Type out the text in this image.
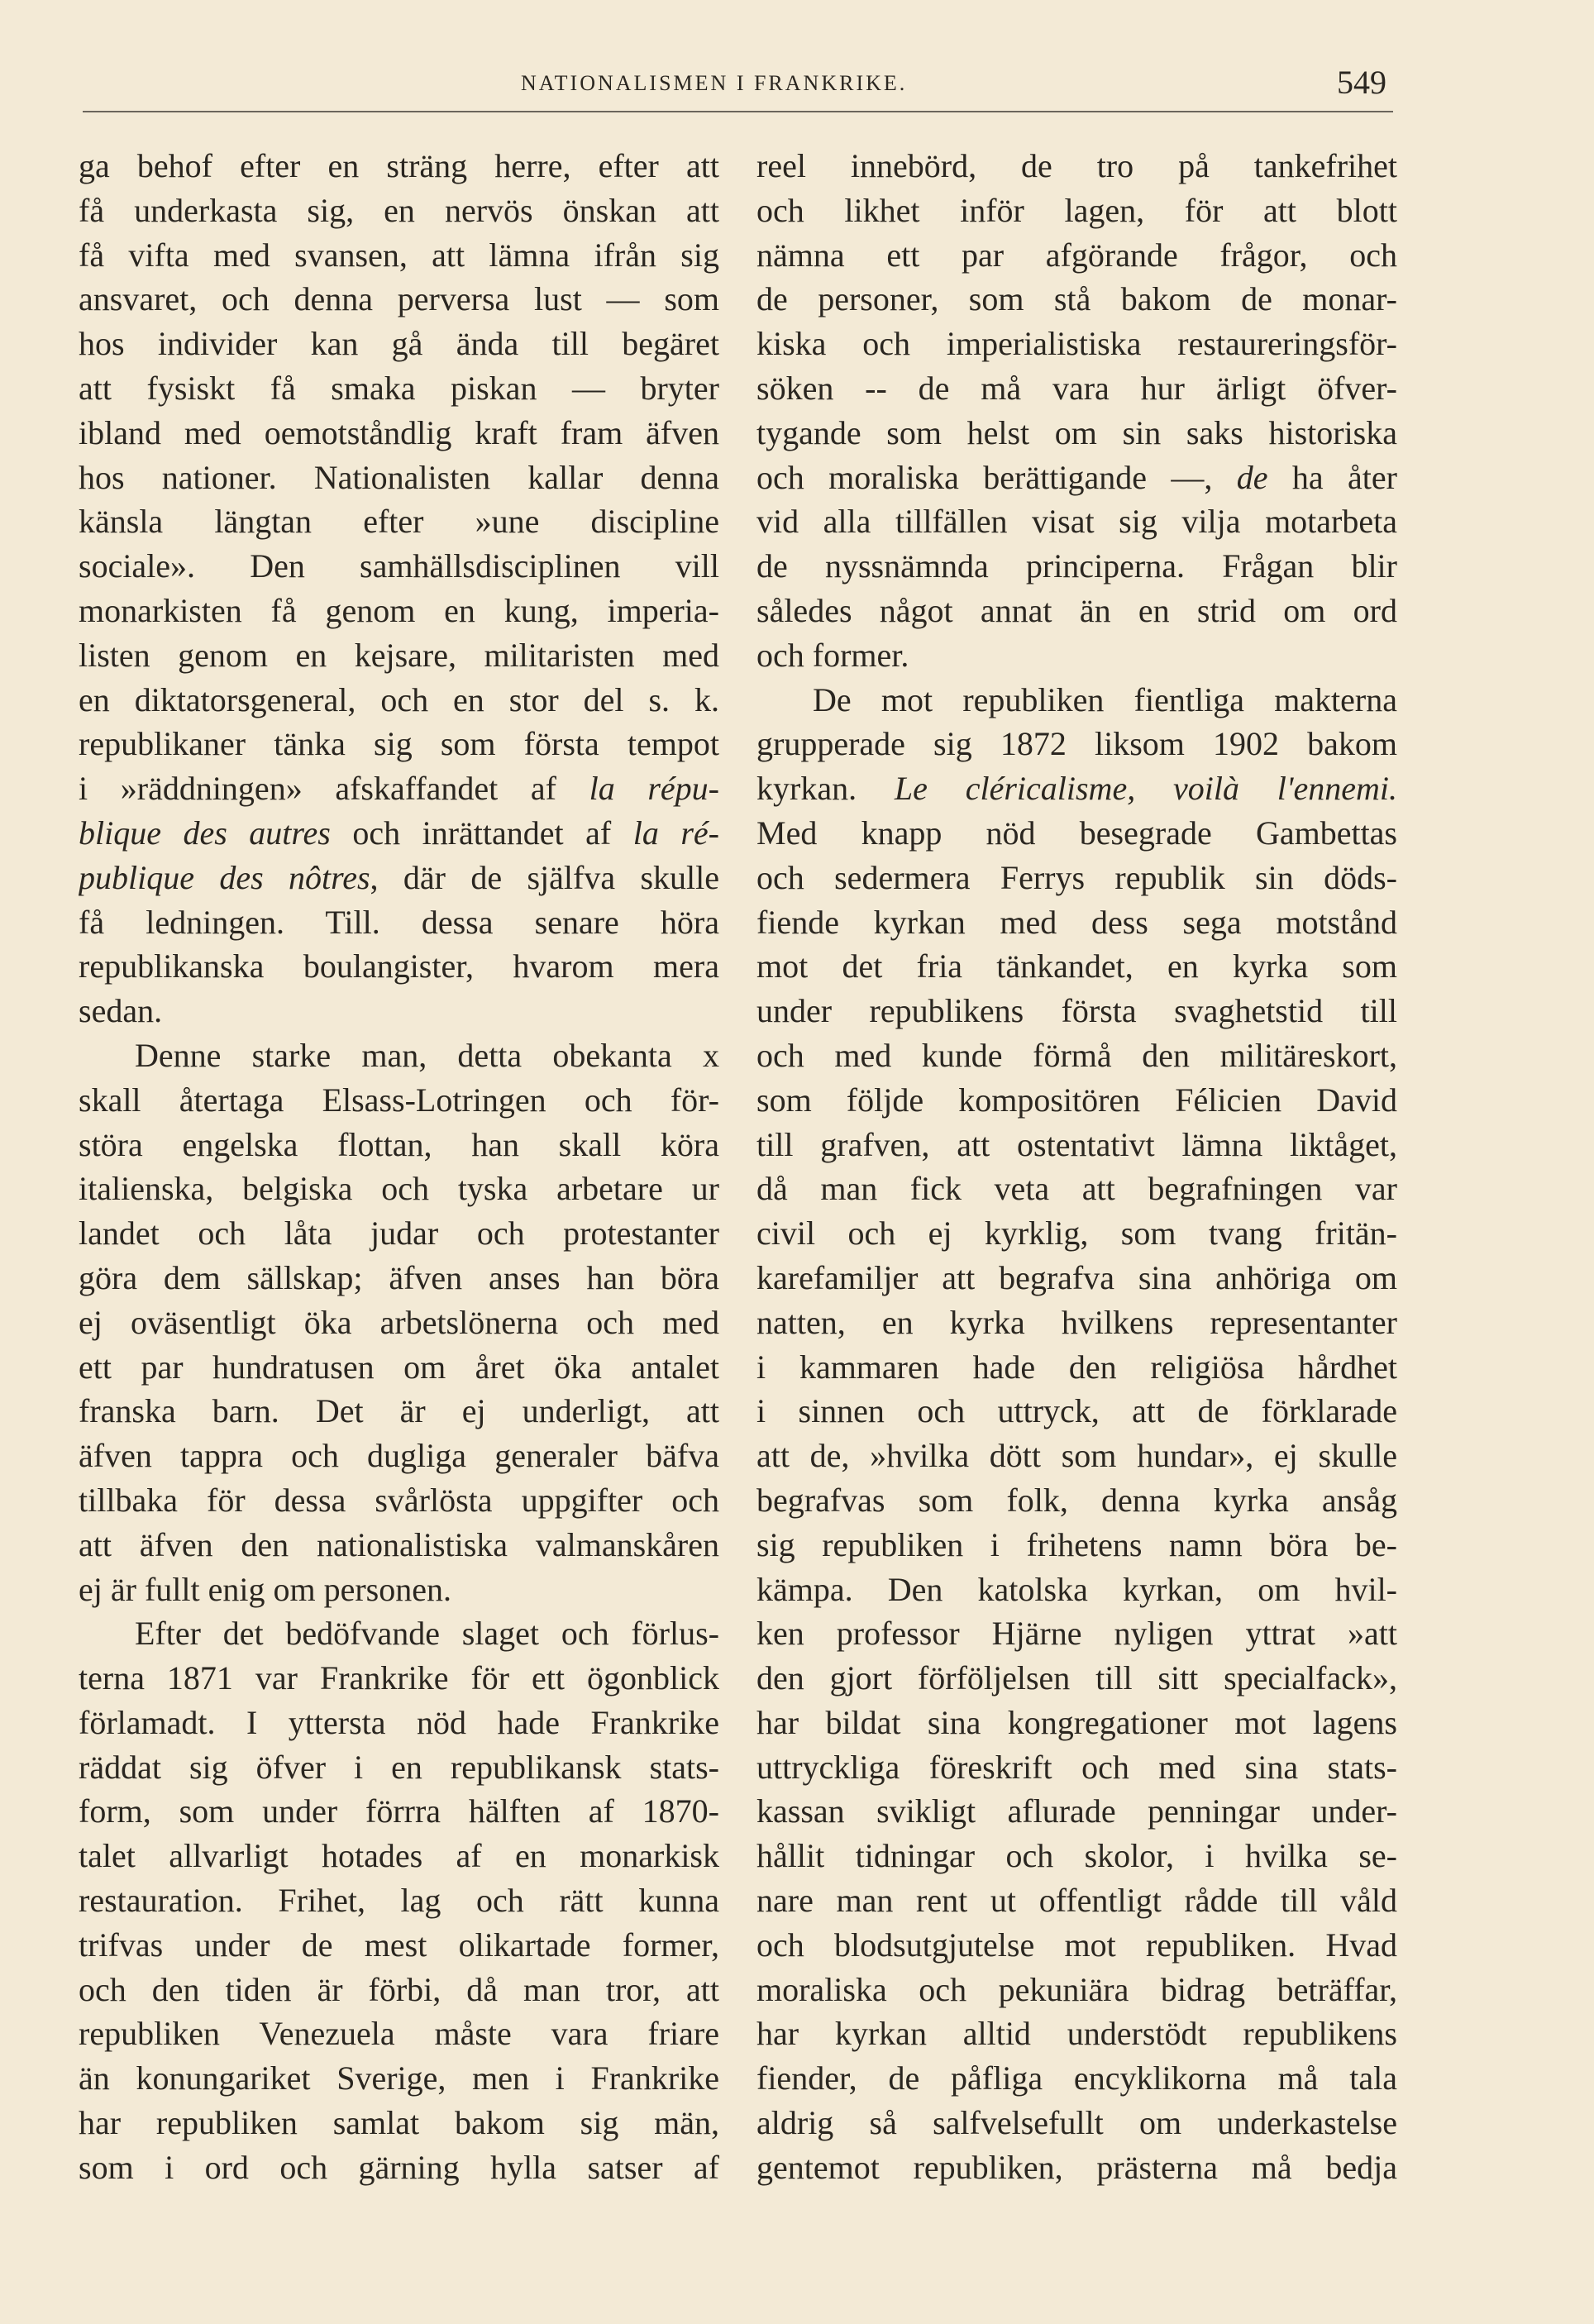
NATIONALISMEN I FRANKRIKE.	549
ga behof efter en sträng herre, efter att
få underkasta sig, en nervös önskan att
få vifta med svansen, att lämna ifrån sig
ansvaret, och denna perversa lust — som
hos individer kan gå ända till begäret
att fysiskt få smaka piskan — bryter
ibland med oemotståndlig kraft fram äfven
hos nationer. Nationalisten kallar denna
känsla längtan efter »une discipline
sociale». Den samhällsdisciplinen vill
monarkisten få genom en kung, imperia-
listen genom en kejsare, militaristen med
en diktatorsgeneral, och en stor del s. k.
republikaner tänka sig som första tempot
i »räddningen» afskaffandet af la répu-
blique des autres och inrättandet af la ré-
publique des nôtres, där de själfva skulle
få ledningen. Till. dessa senare höra
republikanska boulangister, hvarom mera
sedan.
Denne starke man, detta obekanta x
skall återtaga Elsass-Lotringen och för-
störa engelska flottan, han skall köra
italienska, belgiska och tyska arbetare ur
landet och låta judar och protestanter
göra dem sällskap; äfven anses han böra
ej oväsentligt öka arbetslönerna och med
ett par hundratusen om året öka antalet
franska barn. Det är ej underligt, att
äfven tappra och dugliga generaler bäfva
tillbaka för dessa svårlösta uppgifter och
att äfven den nationalistiska valmanskåren
ej är fullt enig om personen.
Efter det bedöfvande slaget och förlus-
terna 1871 var Frankrike för ett ögonblick
förlamadt. I yttersta nöd hade Frankrike
räddat sig öfver i en republikansk stats-
form, som under förrra hälften af 1870-
talet allvarligt hotades af en monarkisk
restauration. Frihet, lag och rätt kunna
trifvas under de mest olikartade former,
och den tiden är förbi, då man tror, att
republiken Venezuela måste vara friare
än konungariket Sverige, men i Frankrike
har republiken samlat bakom sig män,
som i ord och gärning hylla satser af
reel innebörd, de tro på tankefrihet
och likhet inför lagen, för att blott
nämna ett par afgörande frågor, och
de personer, som stå bakom de monar-
kiska och imperialistiska restaureringsför-
söken -- de må vara hur ärligt öfver-
tygande som helst om sin saks historiska
och moraliska berättigande —, de ha åter
vid alla tillfällen visat sig vilja motarbeta
de nyssnämnda principerna. Frågan blir
således något annat än en strid om ord
och former.
De mot republiken fientliga makterna
grupperade sig 1872 liksom 1902 bakom
kyrkan. Le cléricalisme, voilà l'ennemi.
Med knapp nöd besegrade Gambettas
och sedermera Ferrys republik sin döds-
fiende kyrkan med dess sega motstånd
mot det fria tänkandet, en kyrka som
under republikens första svaghetstid till
och med kunde förmå den militäreskort,
som följde kompositören Félicien David
till grafven, att ostentativt lämna liktåget,
då man fick veta att begrafningen var
civil och ej kyrklig, som tvang fritän-
karefamiljer att begrafva sina anhöriga om
natten, en kyrka hvilkens representanter
i kammaren hade den religiösa hårdhet
i sinnen och uttryck, att de förklarade
att de, »hvilka dött som hundar», ej skulle
begrafvas som folk, denna kyrka ansåg
sig republiken i frihetens namn böra be-
kämpa. Den katolska kyrkan, om hvil-
ken professor Hjärne nyligen yttrat »att
den gjort förföljelsen till sitt specialfack»,
har bildat sina kongregationer mot lagens
uttryckliga föreskrift och med sina stats-
kassan svikligt aflurade penningar under-
hållit tidningar och skolor, i hvilka se-
nare man rent ut offentligt rådde till våld
och blodsutgjutelse mot republiken. Hvad
moraliska och pekuniära bidrag beträffar,
har kyrkan alltid understödt republikens
fiender, de påfliga encyklikorna må tala
aldrig så salfvelsefullt om underkastelse
gentemot republiken, prästerna må bedja
